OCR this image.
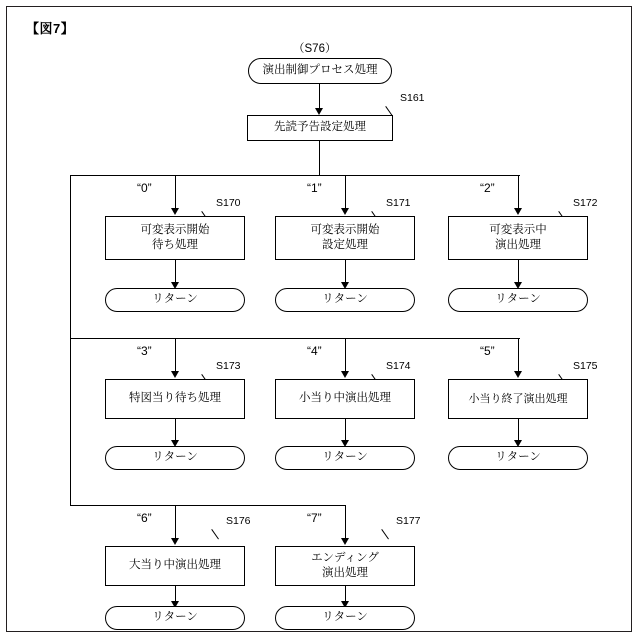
【図7】
（S76）
演出制御プロセス処理
S161
先読予告設定処理
“0”	“1”	“2”
S170	S171	S172
可変表示開始
待ち処理
可変表示開始
設定処理
可変表示中
演出処理
リターン	リターン	リターン
“3”	“4”	“5”
S173	S174	S175
特図当り待ち処理	小当り中演出処理	小当り終了演出処理
リターン	リターン	リターン
“6”	“7”
S176	S177
大当り中演出処理
エンディング
演出処理
リターン	リターン
